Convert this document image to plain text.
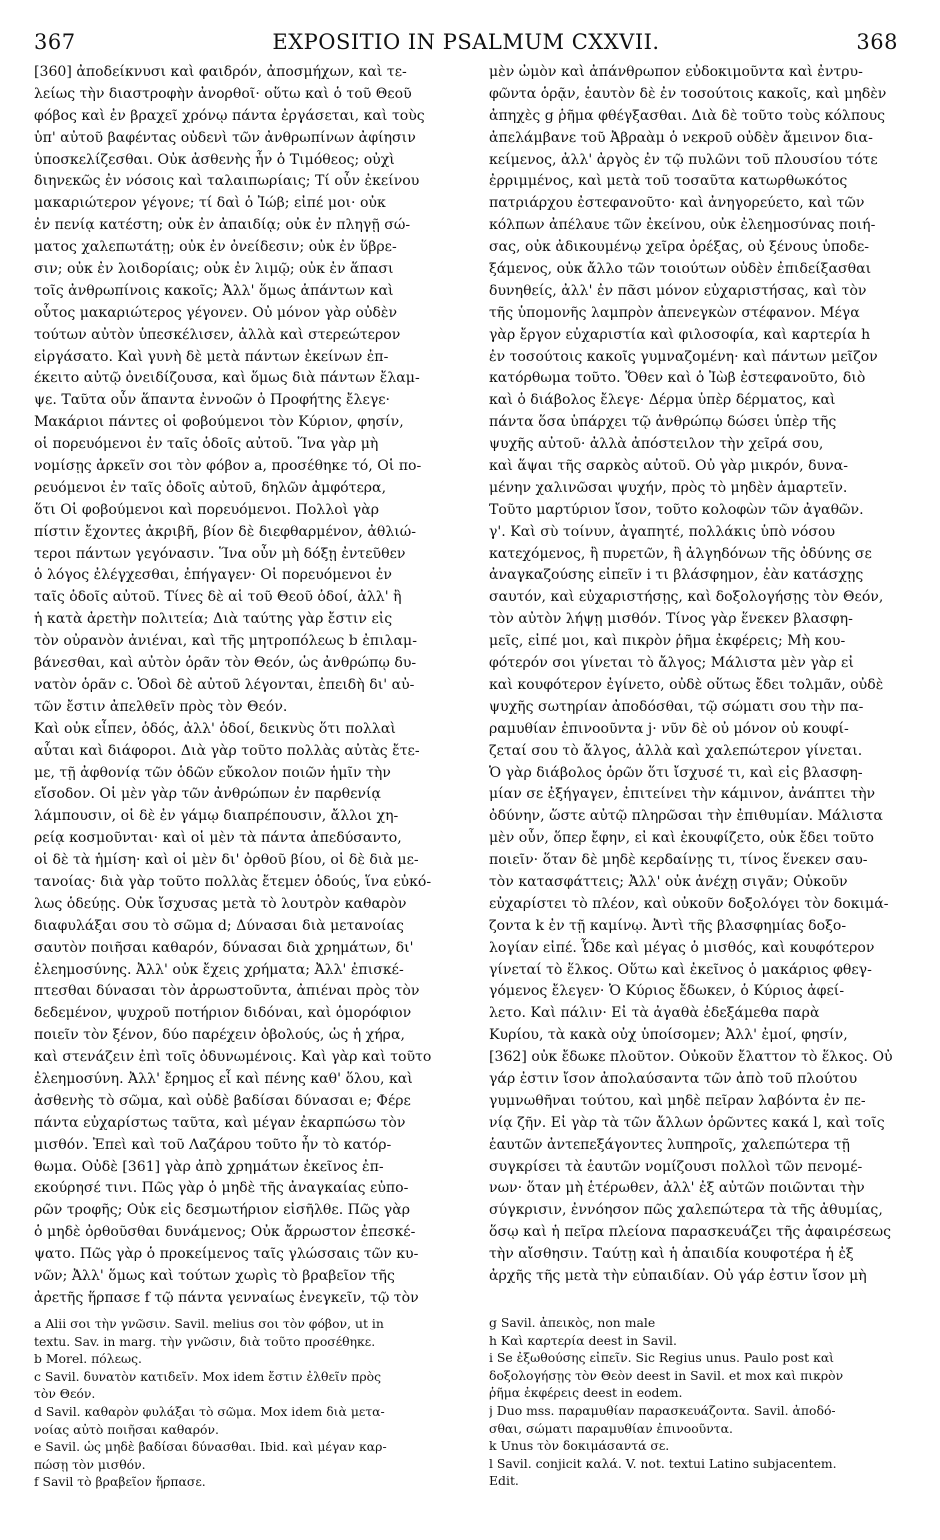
367	EXPOSITIO IN PSALMUM CXXVII.	368
[360] ἀποδείκνυσι καὶ φαιδρόν, ἀποσμήχων, καὶ τε-
λείως τὴν διαστροφὴν ἀνορθοῖ· οὕτω καὶ ὁ τοῦ Θεοῦ
φόβος καὶ ἐν βραχεῖ χρόνῳ πάντα ἐργάσεται, καὶ τοὺς
ὑπ' αὐτοῦ βαφέντας οὐδενὶ τῶν ἀνθρωπίνων ἀφίησιν
ὑποσκελίζεσθαι. Οὐκ ἀσθενὴς ἦν ὁ Τιμόθεος; οὐχὶ
διηνεκῶς ἐν νόσοις καὶ ταλαιπωρίαις; Τί οὖν ἐκείνου
μακαριώτερον γέγονε; τί δαὶ ὁ Ἰώβ; εἰπέ μοι· οὐκ
ἐν πενίᾳ κατέστη; οὐκ ἐν ἀπαιδίᾳ; οὐκ ἐν πληγῇ σώ-
ματος χαλεπωτάτῃ; οὐκ ἐν ὀνείδεσιν; οὐκ ἐν ὕβρε-
σιν; οὐκ ἐν λοιδορίαις; οὐκ ἐν λιμῷ; οὐκ ἐν ἅπασι
τοῖς ἀνθρωπίνοις κακοῖς; Ἀλλ' ὅμως ἁπάντων καὶ
οὗτος μακαριώτερος γέγονεν. Οὐ μόνον γὰρ οὐδὲν
τούτων αὐτὸν ὑπεσκέλισεν, ἀλλὰ καὶ στερεώτερον
εἰργάσατο. Καὶ γυνὴ δὲ μετὰ πάντων ἐκείνων ἐπ-
έκειτο αὐτῷ ὀνειδίζουσα, καὶ ὅμως διὰ πάντων ἔλαμ-
ψε. Ταῦτα οὖν ἅπαντα ἐννοῶν ὁ Προφήτης ἔλεγε·
Μακάριοι πάντες οἱ φοβούμενοι τὸν Κύριον, φησίν,
οἱ πορευόμενοι ἐν ταῖς ὁδοῖς αὐτοῦ. Ἵνα γὰρ μὴ
νομίσῃς ἀρκεῖν σοι τὸν φόβον a, προσέθηκε τό, Οἱ πο-
ρευόμενοι ἐν ταῖς ὁδοῖς αὐτοῦ, δηλῶν ἀμφότερα,
ὅτι Οἱ φοβούμενοι καὶ πορευόμενοι. Πολλοὶ γὰρ
πίστιν ἔχοντες ἀκριβῆ, βίον δὲ διεφθαρμένον, ἀθλιώ-
τεροι πάντων γεγόνασιν. Ἵνα οὖν μὴ δόξῃ ἐντεῦθεν
ὁ λόγος ἐλέγχεσθαι, ἐπήγαγεν· Οἱ πορευόμενοι ἐν
ταῖς ὁδοῖς αὐτοῦ. Τίνες δὲ αἱ τοῦ Θεοῦ ὁδοί, ἀλλ' ἢ
ἡ κατὰ ἀρετὴν πολιτεία; Διὰ ταύτης γὰρ ἔστιν εἰς
τὸν οὐρανὸν ἀνιέναι, καὶ τῆς μητροπόλεως b ἐπιλαμ-
βάνεσθαι, καὶ αὐτὸν ὁρᾶν τὸν Θεόν, ὡς ἀνθρώπῳ δυ-
νατὸν ὁρᾶν c. Ὁδοὶ δὲ αὐτοῦ λέγονται, ἐπειδὴ δι' αὐ-
τῶν ἔστιν ἀπελθεῖν πρὸς τὸν Θεόν.
Καὶ οὐκ εἶπεν, ὁδός, ἀλλ' ὁδοί, δεικνὺς ὅτι πολλαὶ
αὗται καὶ διάφοροι. Διὰ γὰρ τοῦτο πολλὰς αὐτὰς ἔτε-
με, τῇ ἀφθονίᾳ τῶν ὁδῶν εὔκολον ποιῶν ἡμῖν τὴν
εἴσοδον. Οἱ μὲν γὰρ τῶν ἀνθρώπων ἐν παρθενίᾳ
λάμπουσιν, οἱ δὲ ἐν γάμῳ διαπρέπουσιν, ἄλλοι χη-
ρείᾳ κοσμοῦνται· καὶ οἱ μὲν τὰ πάντα ἀπεδύσαντο,
οἱ δὲ τὰ ἡμίση· καὶ οἱ μὲν δι' ὀρθοῦ βίου, οἱ δὲ διὰ με-
τανοίας· διὰ γὰρ τοῦτο πολλὰς ἔτεμεν ὁδούς, ἵνα εὐκό-
λως ὁδεύῃς. Οὐκ ἴσχυσας μετὰ τὸ λουτρὸν καθαρὸν
διαφυλάξαι σου τὸ σῶμα d; Δύνασαι διὰ μετανοίας
σαυτὸν ποιῆσαι καθαρόν, δύνασαι διὰ χρημάτων, δι'
ἐλεημοσύνης. Ἀλλ' οὐκ ἔχεις χρήματα; Ἀλλ' ἐπισκέ-
πτεσθαι δύνασαι τὸν ἀρρωστοῦντα, ἀπιέναι πρὸς τὸν
δεδεμένον, ψυχροῦ ποτήριον διδόναι, καὶ ὁμορόφιον
ποιεῖν τὸν ξένον, δύο παρέχειν ὀβολούς, ὡς ἡ χήρα,
καὶ στενάζειν ἐπὶ τοῖς ὀδυνωμένοις. Καὶ γὰρ καὶ τοῦτο
ἐλεημοσύνη. Ἀλλ' ἔρημος εἶ καὶ πένης καθ' ὅλου, καὶ
ἀσθενὴς τὸ σῶμα, καὶ οὐδὲ βαδίσαι δύνασαι e; Φέρε
πάντα εὐχαρίστως ταῦτα, καὶ μέγαν ἐκαρπώσω τὸν
μισθόν. Ἐπεὶ καὶ τοῦ Λαζάρου τοῦτο ἦν τὸ κατόρ-
θωμα. Οὐδὲ [361] γὰρ ἀπὸ χρημάτων ἐκεῖνος ἐπ-
εκούρησέ τινι. Πῶς γὰρ ὁ μηδὲ τῆς ἀναγκαίας εὐπο-
ρῶν τροφῆς; Οὐκ εἰς δεσμωτήριον εἰσῆλθε. Πῶς γὰρ
ὁ μηδὲ ὀρθοῦσθαι δυνάμενος; Οὐκ ἄρρωστον ἐπεσκέ-
ψατο. Πῶς γὰρ ὁ προκείμενος ταῖς γλώσσαις τῶν κυ-
νῶν; Ἀλλ' ὅμως καὶ τούτων χωρὶς τὸ βραβεῖον τῆς
ἀρετῆς ἥρπασε f τῷ πάντα γενναίως ἐνεγκεῖν, τῷ τὸν
μὲν ὠμὸν καὶ ἀπάνθρωπον εὐδοκιμοῦντα καὶ ἐντρυ-
φῶντα ὁρᾷν, ἑαυτὸν δὲ ἐν τοσούτοις κακοῖς, καὶ μηδὲν
ἀπηχὲς g ῥῆμα φθέγξασθαι. Διὰ δὲ τοῦτο τοὺς κόλπους
ἀπελάμβανε τοῦ Ἀβραὰμ ὁ νεκροῦ οὐδὲν ἄμεινον δια-
κείμενος, ἀλλ' ἀργὸς ἐν τῷ πυλῶνι τοῦ πλουσίου τότε
ἐρριμμένος, καὶ μετὰ τοῦ τοσαῦτα κατωρθωκότος
πατριάρχου ἐστεφανοῦτο· καὶ ἀνηγορεύετο, καὶ τῶν
κόλπων ἀπέλαυε τῶν ἐκείνου, οὐκ ἐλεημοσύνας ποιή-
σας, οὐκ ἀδικουμένῳ χεῖρα ὀρέξας, οὐ ξένους ὑποδε-
ξάμενος, οὐκ ἄλλο τῶν τοιούτων οὐδὲν ἐπιδείξασθαι
δυνηθείς, ἀλλ' ἐν πᾶσι μόνον εὐχαριστήσας, καὶ τὸν
τῆς ὑπομονῆς λαμπρὸν ἀπενεγκὼν στέφανον. Μέγα
γὰρ ἔργον εὐχαριστία καὶ φιλοσοφία, καὶ καρτερία h
ἐν τοσούτοις κακοῖς γυμναζομένη· καὶ πάντων μεῖζον
κατόρθωμα τοῦτο. Ὅθεν καὶ ὁ Ἰὼβ ἐστεφανοῦτο, διὸ
καὶ ὁ διάβολος ἔλεγε· Δέρμα ὑπὲρ δέρματος, καὶ
πάντα ὅσα ὑπάρχει τῷ ἀνθρώπῳ δώσει ὑπὲρ τῆς
ψυχῆς αὐτοῦ· ἀλλὰ ἀπόστειλον τὴν χεῖρά σου,
καὶ ἅψαι τῆς σαρκὸς αὐτοῦ. Οὐ γὰρ μικρόν, δυνα-
μένην χαλινῶσαι ψυχήν, πρὸς τὸ μηδὲν ἁμαρτεῖν.
Τοῦτο μαρτύριον ἴσον, τοῦτο κολοφὼν τῶν ἀγαθῶν.
γ'. Καὶ σὺ τοίνυν, ἀγαπητέ, πολλάκις ὑπὸ νόσου
κατεχόμενος, ἢ πυρετῶν, ἢ ἀλγηδόνων τῆς ὀδύνης σε
ἀναγκαζούσης εἰπεῖν i τι βλάσφημον, ἐὰν κατάσχῃς
σαυτόν, καὶ εὐχαριστήσῃς, καὶ δοξολογήσῃς τὸν Θεόν,
τὸν αὐτὸν λήψῃ μισθόν. Τίνος γὰρ ἕνεκεν βλασφη-
μεῖς, εἰπέ μοι, καὶ πικρὸν ῥῆμα ἐκφέρεις; Μὴ κου-
φότερόν σοι γίνεται τὸ ἄλγος; Μάλιστα μὲν γὰρ εἰ
καὶ κουφότερον ἐγίνετο, οὐδὲ οὕτως ἔδει τολμᾶν, οὐδὲ
ψυχῆς σωτηρίαν ἀποδόσθαι, τῷ σώματι σου τὴν πα-
ραμυθίαν ἐπινοοῦντα j· νῦν δὲ οὐ μόνον οὐ κουφί-
ζεταί σου τὸ ἄλγος, ἀλλὰ καὶ χαλεπώτερον γίνεται.
Ὁ γὰρ διάβολος ὁρῶν ὅτι ἴσχυσέ τι, καὶ εἰς βλασφη-
μίαν σε ἐξήγαγεν, ἐπιτείνει τὴν κάμινον, ἀνάπτει τὴν
ὀδύνην, ὥστε αὐτῷ πληρῶσαι τὴν ἐπιθυμίαν. Μάλιστα
μὲν οὖν, ὅπερ ἔφην, εἰ καὶ ἐκουφίζετο, οὐκ ἔδει τοῦτο
ποιεῖν· ὅταν δὲ μηδὲ κερδαίνῃς τι, τίνος ἕνεκεν σαυ-
τὸν κατασφάττεις; Ἀλλ' οὐκ ἀνέχῃ σιγᾶν; Οὐκοῦν
εὐχαρίστει τὸ πλέον, καὶ οὐκοῦν δοξολόγει τὸν δοκιμά-
ζοντα k ἐν τῇ καμίνῳ. Ἀντὶ τῆς βλασφημίας δοξο-
λογίαν εἰπέ. Ὧδε καὶ μέγας ὁ μισθός, καὶ κουφότερον
γίνεταί τὸ ἕλκος. Οὕτω καὶ ἐκεῖνος ὁ μακάριος φθεγ-
γόμενος ἔλεγεν· Ὁ Κύριος ἔδωκεν, ὁ Κύριος ἀφεί-
λετο. Καὶ πάλιν· Εἰ τὰ ἀγαθὰ ἐδεξάμεθα παρὰ
Κυρίου, τὰ κακὰ οὐχ ὑποίσομεν; Ἀλλ' ἐμοί, φησίν,
[362] οὐκ ἔδωκε πλοῦτον. Οὐκοῦν ἔλαττον τὸ ἕλκος. Οὐ
γάρ ἐστιν ἴσον ἀπολαύσαντα τῶν ἀπὸ τοῦ πλούτου
γυμνωθῆναι τούτου, καὶ μηδὲ πεῖραν λαβόντα ἐν πε-
νίᾳ ζῆν. Εἰ γὰρ τὰ τῶν ἄλλων ὁρῶντες κακά l, καὶ τοῖς
ἑαυτῶν ἀντεπεξάγοντες λυπηροῖς, χαλεπώτερα τῇ
συγκρίσει τὰ ἑαυτῶν νομίζουσι πολλοὶ τῶν πενομέ-
νων· ὅταν μὴ ἑτέρωθεν, ἀλλ' ἐξ αὐτῶν ποιῶνται τὴν
σύγκρισιν, ἐννόησον πῶς χαλεπώτερα τὰ τῆς ἀθυμίας,
ὅσῳ καὶ ἡ πεῖρα πλείονα παρασκευάζει τῆς ἀφαιρέσεως
τὴν αἴσθησιν. Ταύτῃ καὶ ἡ ἀπαιδία κουφοτέρα ἡ ἐξ
ἀρχῆς τῆς μετὰ τὴν εὐπαιδίαν. Οὐ γάρ ἐστιν ἴσον μὴ
a Alii σοι τὴν γνῶσιν. Savil. melius σοι τὸν φόβον, ut in
textu. Sav. in marg. τὴν γνῶσιν, διὰ τοῦτο προσέθηκε.
b Morel. πόλεως.
c Savil. δυνατὸν κατιδεῖν. Mox idem ἔστιν ἐλθεῖν πρὸς
τὸν Θεόν.
d Savil. καθαρὸν φυλάξαι τὸ σῶμα. Mox idem διὰ μετα-
νοίας αὐτὸ ποιῆσαι καθαρόν.
e Savil. ὡς μηδὲ βαδίσαι δύνασθαι. Ibid. καὶ μέγαν καρ-
πώσῃ τὸν μισθόν.
f Savil τὸ βραβεῖον ἥρπασε.
g Savil. ἀπεικὸς, non male
h Καὶ καρτερία deest in Savil.
i Se ἐξωθούσης εἰπεῖν. Sic Regius unus. Paulo post καὶ
δοξολογήσῃς τὸν Θεὸν deest in Savil. et mox καὶ πικρὸν
ῥῆμα ἐκφέρεις deest in eodem.
j Duo mss. παραμυθίαν παρασκευάζοντα. Savil. ἀποδό-
σθαι, σώματι παραμυθίαν ἐπινοοῦντα.
k Unus τὸν δοκιμάσαντά σε.
l Savil. conjicit καλά. V. not. textui Latino subjacentem.
Edit.
